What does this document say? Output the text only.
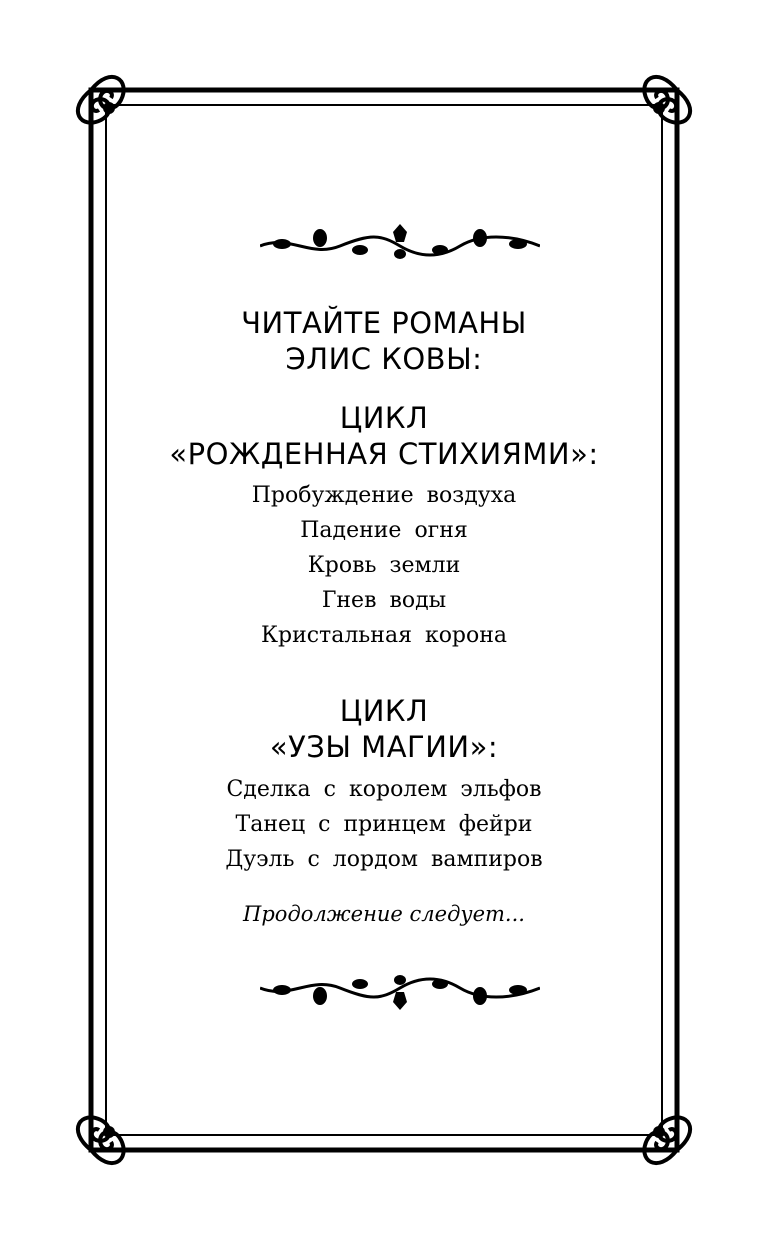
ЧИТАЙТЕ РОМАНЫ
ЭЛИС КОВЫ:
ЦИКЛ
«РОЖДЕННАЯ СТИХИЯМИ»:
Пробуждение воздуха
Падение огня
Кровь земли
Гнев воды
Кристальная корона
ЦИКЛ
«УЗЫ МАГИИ»:
Сделка с королем эльфов
Танец с принцем фейри
Дуэль с лордом вампиров
Продолжение следует...
